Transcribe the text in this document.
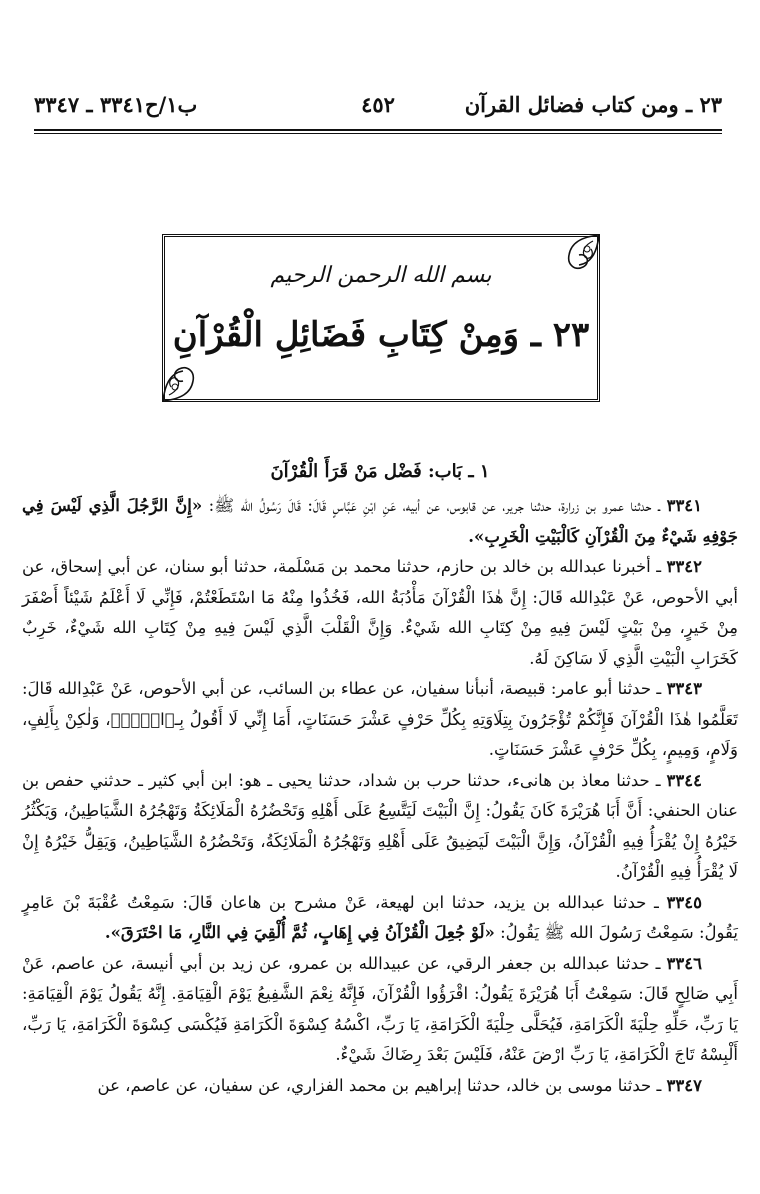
٢٣ ـ ومن كتاب فضائل القرآن
٤٥٢
ب١/ح٣٣٤١ ـ ٣٣٤٧
بسم الله الرحمن الرحيم
٢٣ ـ وَمِنْ كِتَابِ فَضَائِلِ الْقُرْآنِ
١ ـ بَاب: فَضْل مَنْ قَرَأَ الْقُرْآنَ

٣٣٤١ ـ حدثنا عمرو بن زرارة، حدثنا جرير، عن قابوس، عن أبيه، عَنِ ابْنِ عَبَّاسٍ قَالَ: قَالَ رَسُولُ الله ﷺ: «إِنَّ الرَّجُلَ الَّذِي لَيْسَ فِي جَوْفِهِ شَيْءٌ مِنَ الْقُرْآنِ كَالْبَيْتِ الْخَرِبِ».

٣٣٤٢ ـ أخبرنا عبدالله بن خالد بن حازم، حدثنا محمد بن مَسْلَمة، حدثنا أبو سنان، عن أبي إسحاق، عن أبي الأحوص، عَنْ عَبْدِالله قَالَ: إِنَّ هٰذَا الْقُرْآنَ مَأْدُبَةُ الله، فَخُذُوا مِنْهُ مَا اسْتَطَعْتُمْ، فَإِنِّي لَا أَعْلَمُ شَيْئاً أَصْفَرَ مِنْ خَيرٍ، مِنْ بَيْتٍ لَيْسَ فِيهِ مِنْ كِتَابِ الله شَيْءٌ. وَإِنَّ الْقَلْبَ الَّذِي لَيْسَ فِيهِ مِنْ كِتَابِ الله شَيْءٌ، خَرِبٌ كَخَرَابِ الْبَيْتِ الَّذِي لَا سَاكِنَ لَهُ.

٣٣٤٣ ـ حدثنا أبو عامر: قبيصة، أنبأنا سفيان، عن عطاء بن السائب، عن أبي الأحوص، عَنْ عَبْدِالله قَالَ: تَعَلَّمُوا هٰذَا الْقُرْآنَ فَإِنَّكُمْ تُؤْجَرُونَ بِتِلَاوَتِهِ بِكُلِّ حَرْفٍ عَشْرَ حَسَنَاتٍ، أَمَا إِنِّي لَا أَقُولُ بِـ﴿الۤمۤ﴾، وَلٰكِنْ بِأَلِفٍ، وَلَامٍ، وَمِيمٍ، بِكُلِّ حَرْفٍ عَشْرَ حَسَنَاتٍ.

٣٣٤٤ ـ حدثنا معاذ بن هانىء، حدثنا حرب بن شداد، حدثنا يحيى ـ هو: ابن أبي كثير ـ حدثني حفص بن عنان الحنفي: أَنَّ أَبَا هُرَيْرَةَ كَانَ يَقُولُ: إِنَّ الْبَيْتَ لَيَتَّسِعُ عَلَى أَهْلِهِ وَتَحْضُرُهُ الْمَلَائِكَةُ وَتَهْجُرُهُ الشَّيَاطِينُ، وَيَكْثُرُ خَيْرُهُ إِنْ يُقْرَأُ فِيهِ الْقُرْآنُ، وَإِنَّ الْبَيْتَ لَيَضِيقُ عَلَى أَهْلِهِ وَتَهْجُرُهُ الْمَلَائِكَةُ، وَتَحْضُرُهُ الشَّيَاطِينُ، وَيَقِلُّ خَيْرُهُ إِنْ لَا يُقْرَأُ فِيهِ الْقُرْآنُ.

٣٣٤٥ ـ حدثنا عبدالله بن يزيد، حدثنا ابن لهيعة، عَنْ مشرح بن هاعان قَالَ: سَمِعْتُ عُقْبَةَ بْنَ عَامِرٍ يَقُولُ: سَمِعْتُ رَسُولَ الله ﷺ يَقُولُ: «لَوْ جُعِلَ الْقُرْآنُ فِي إِهَابٍ، ثُمَّ أُلْقِيَ فِي النَّارِ، مَا احْتَرَقَ».

٣٣٤٦ ـ حدثنا عبدالله بن جعفر الرقي، عن عبيدالله بن عمرو، عن زيد بن أبي أنيسة، عن عاصم، عَنْ أَبِي صَالِحٍ قَالَ: سَمِعْتُ أَبَا هُرَيْرَةَ يَقُولُ: اقْرَؤُوا الْقُرْآنَ، فَإِنَّهُ نِعْمَ الشَّفِيعُ يَوْمَ الْقِيَامَةِ. إِنَّهُ يَقُولُ يَوْمَ الْقِيَامَةِ: يَا رَبِّ، حَلِّهِ حِلْيَةَ الْكَرَامَةِ، فَيُحَلَّى حِلْيَةَ الْكَرَامَةِ، يَا رَبِّ، اكْسُهُ كِسْوَةَ الْكَرَامَةِ فَيُكْسَى كِسْوَةَ الْكَرَامَةِ، يَا رَبِّ، أَلْبِسْهُ تَاجَ الْكَرَامَةِ، يَا رَبِّ ارْضَ عَنْهُ، فَلَيْسَ بَعْدَ رِضَاكَ شَيْءٌ.

٣٣٤٧ ـ حدثنا موسى بن خالد، حدثنا إبراهيم بن محمد الفزاري، عن سفيان، عن عاصم، عن
